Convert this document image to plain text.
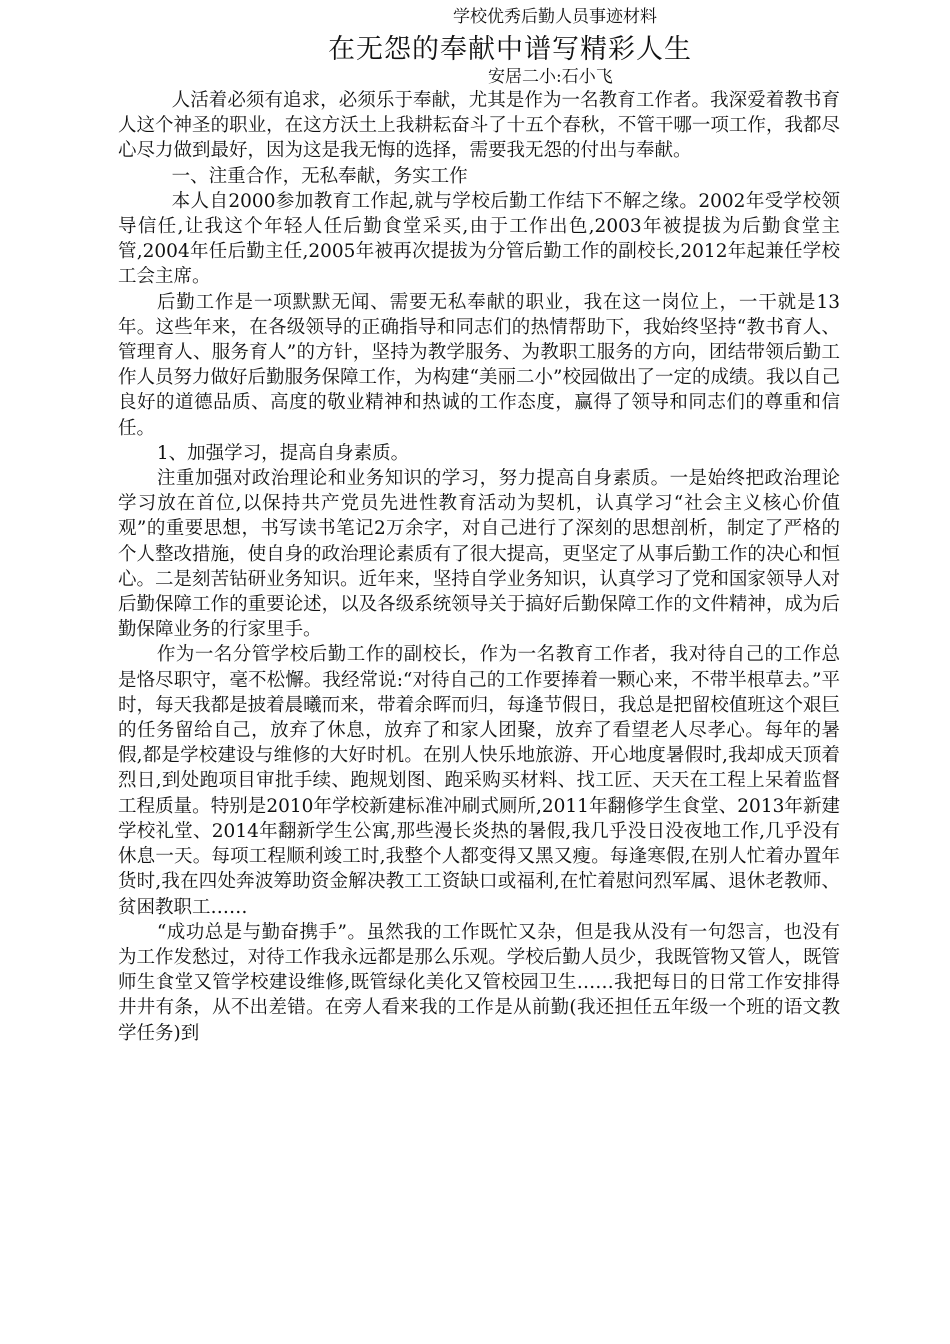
学校优秀后勤人员事迹材料
在无怨的奉献中谱写精彩人生
安居二小:石小飞

人活着必须有追求，必须乐于奉献，尤其是作为一名教育工作者。我深爱着教书育人这个神圣的职业，在这方沃土上我耕耘奋斗了十五个春秋，不管干哪一项工作，我都尽心尽力做到最好，因为这是我无悔的选择，需要我无怨的付出与奉献。

一、注重合作，无私奉献，务实工作

本人自2000参加教育工作起,就与学校后勤工作结下不解之缘。2002年受学校领导信任,让我这个年轻人任后勤食堂采买,由于工作出色,2003年被提拔为后勤食堂主管,2004年任后勤主任,2005年被再次提拔为分管后勤工作的副校长,2012年起兼任学校工会主席。

后勤工作是一项默默无闻、需要无私奉献的职业，我在这一岗位上，一干就是13年。这些年来，在各级领导的正确指导和同志们的热情帮助下，我始终坚持“教书育人、管理育人、服务育人”的方针，坚持为教学服务、为教职工服务的方向，团结带领后勤工作人员努力做好后勤服务保障工作，为构建“美丽二小”校园做出了一定的成绩。我以自己良好的道德品质、高度的敬业精神和热诚的工作态度，赢得了领导和同志们的尊重和信任。

1、加强学习，提高自身素质。

注重加强对政治理论和业务知识的学习，努力提高自身素质。一是始终把政治理论学习放在首位,以保持共产党员先进性教育活动为契机，认真学习“社会主义核心价值观”的重要思想，书写读书笔记2万余字，对自己进行了深刻的思想剖析，制定了严格的个人整改措施，使自身的政治理论素质有了很大提高，更坚定了从事后勤工作的决心和恒心。二是刻苦钻研业务知识。近年来，坚持自学业务知识，认真学习了党和国家领导人对后勤保障工作的重要论述，以及各级系统领导关于搞好后勤保障工作的文件精神，成为后勤保障业务的行家里手。

作为一名分管学校后勤工作的副校长，作为一名教育工作者，我对待自己的工作总是恪尽职守，毫不松懈。我经常说:“对待自己的工作要捧着一颗心来，不带半根草去。”平时，每天我都是披着晨曦而来，带着余晖而归，每逢节假日，我总是把留校值班这个艰巨的任务留给自己，放弃了休息，放弃了和家人团聚，放弃了看望老人尽孝心。每年的暑假,都是学校建设与维修的大好时机。在别人快乐地旅游、开心地度暑假时,我却成天顶着烈日,到处跑项目审批手续、跑规划图、跑采购买材料、找工匠、天天在工程上呆着监督工程质量。特别是2010年学校新建标准冲刷式厕所,2011年翻修学生食堂、2013年新建学校礼堂、2014年翻新学生公寓,那些漫长炎热的暑假,我几乎没日没夜地工作,几乎没有休息一天。每项工程顺利竣工时,我整个人都变得又黑又瘦。每逢寒假,在别人忙着办置年货时,我在四处奔波筹助资金解决教工工资缺口或福利,在忙着慰问烈军属、退休老教师、贫困教职工……

“成功总是与勤奋携手”。虽然我的工作既忙又杂，但是我从没有一句怨言，也没有为工作发愁过，对待工作我永远都是那么乐观。学校后勤人员少，我既管物又管人，既管师生食堂又管学校建设维修,既管绿化美化又管校园卫生……我把每日的日常工作安排得井井有条，从不出差错。在旁人看来我的工作是从前勤(我还担任五年级一个班的语文教学任务)到
